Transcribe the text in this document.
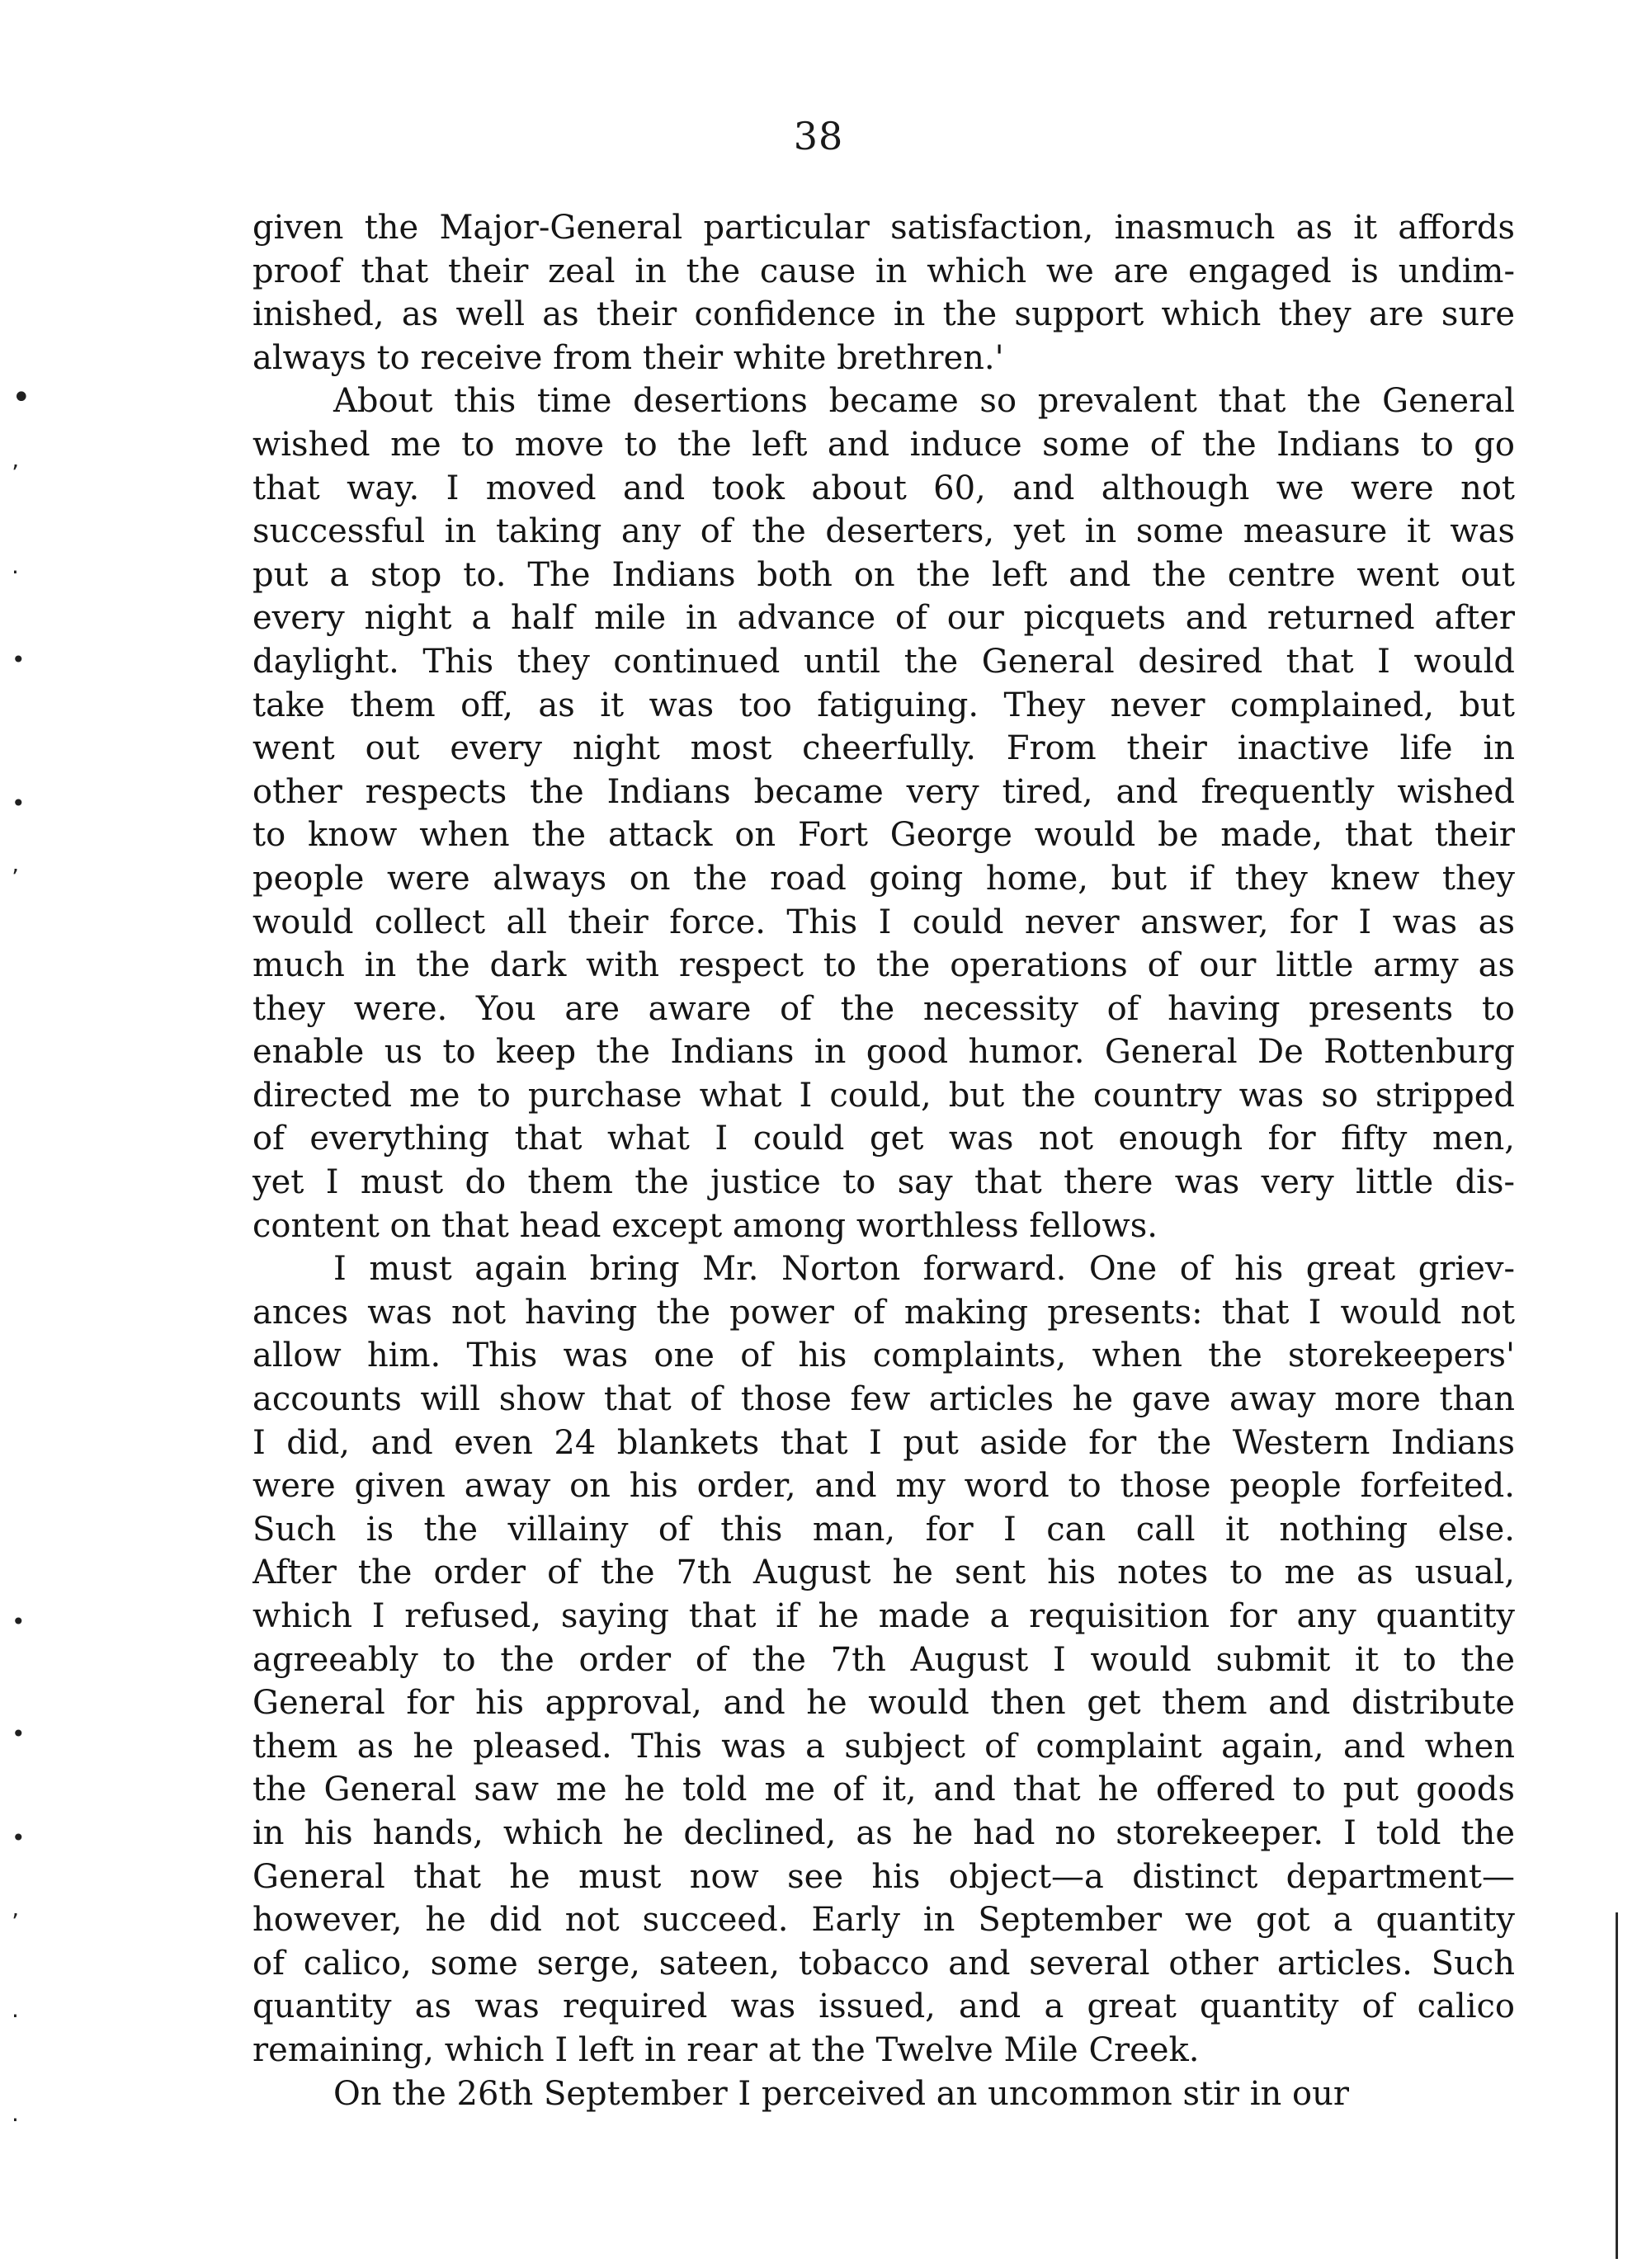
38
given the Major-General particular satisfaction, inasmuch as it affords
proof that their zeal in the cause in which we are engaged is undim-
inished, as well as their confidence in the support which they are sure
always to receive from their white brethren.'
About this time desertions became so prevalent that the General
wished me to move to the left and induce some of the Indians to go
that way. I moved and took about 60, and although we were not
successful in taking any of the deserters, yet in some measure it was
put a stop to. The Indians both on the left and the centre went out
every night a half mile in advance of our picquets and returned after
daylight. This they continued until the General desired that I would
take them off, as it was too fatiguing. They never complained, but
went out every night most cheerfully. From their inactive life in
other respects the Indians became very tired, and frequently wished
to know when the attack on Fort George would be made, that their
people were always on the road going home, but if they knew they
would collect all their force. This I could never answer, for I was as
much in the dark with respect to the operations of our little army as
they were. You are aware of the necessity of having presents to
enable us to keep the Indians in good humor. General De Rottenburg
directed me to purchase what I could, but the country was so stripped
of everything that what I could get was not enough for fifty men,
yet I must do them the justice to say that there was very little dis-
content on that head except among worthless fellows.
I must again bring Mr. Norton forward. One of his great griev-
ances was not having the power of making presents: that I would not
allow him. This was one of his complaints, when the storekeepers'
accounts will show that of those few articles he gave away more than
I did, and even 24 blankets that I put aside for the Western Indians
were given away on his order, and my word to those people forfeited.
Such is the villainy of this man, for I can call it nothing else.
After the order of the 7th August he sent his notes to me as usual,
which I refused, saying that if he made a requisition for any quantity
agreeably to the order of the 7th August I would submit it to the
General for his approval, and he would then get them and distribute
them as he pleased. This was a subject of complaint again, and when
the General saw me he told me of it, and that he offered to put goods
in his hands, which he declined, as he had no storekeeper. I told the
General that he must now see his object—a distinct department—
however, he did not succeed. Early in September we got a quantity
of calico, some serge, sateen, tobacco and several other articles. Such
quantity as was required was issued, and a great quantity of calico
remaining, which I left in rear at the Twelve Mile Creek.
On the 26th September I perceived an uncommon stir in our
•
’
·
•
•
’
•
•
•
’
·
·
